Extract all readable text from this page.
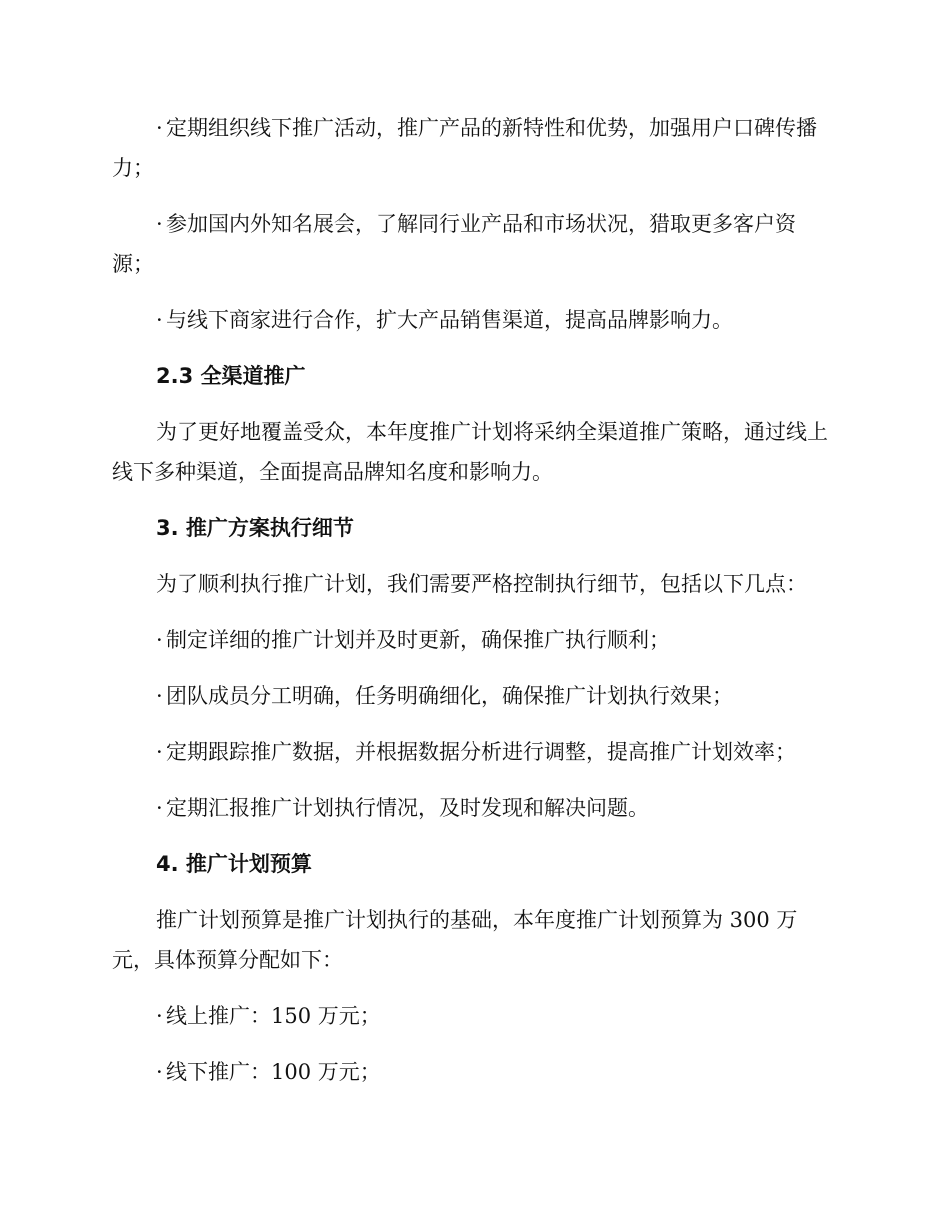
· 定期组织线下推广活动，推广产品的新特性和优势，加强用户口碑传播力；

· 参加国内外知名展会，了解同行业产品和市场状况，猎取更多客户资源；

· 与线下商家进行合作，扩大产品销售渠道，提高品牌影响力。

2.3 全渠道推广

为了更好地覆盖受众，本年度推广计划将采纳全渠道推广策略，通过线上线下多种渠道，全面提高品牌知名度和影响力。

3. 推广方案执行细节

为了顺利执行推广计划，我们需要严格控制执行细节，包括以下几点：

· 制定详细的推广计划并及时更新，确保推广执行顺利；

· 团队成员分工明确，任务明确细化，确保推广计划执行效果；

· 定期跟踪推广数据，并根据数据分析进行调整，提高推广计划效率；

· 定期汇报推广计划执行情况，及时发现和解决问题。

4. 推广计划预算

推广计划预算是推广计划执行的基础，本年度推广计划预算为 300 万元，具体预算分配如下：

· 线上推广：150 万元；

· 线下推广：100 万元；
